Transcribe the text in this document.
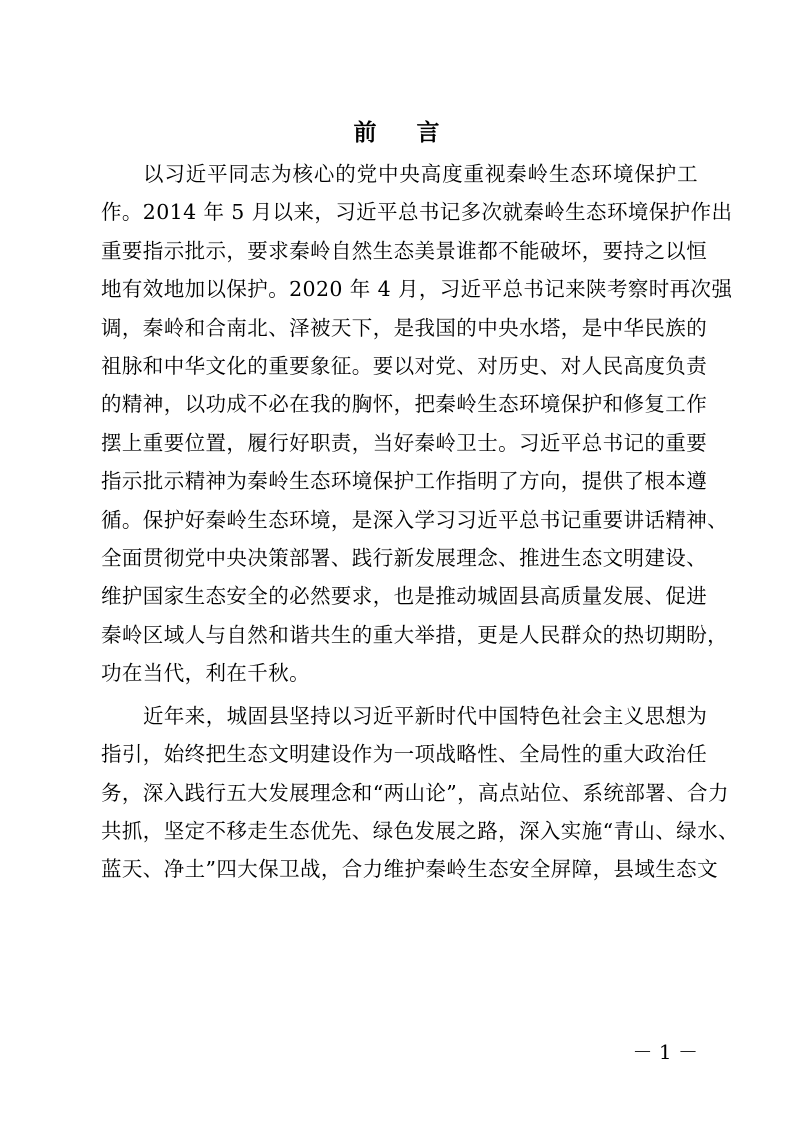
前 言

以习近平同志为核心的党中央高度重视秦岭生态环境保护工
作。2014 年 5 月以来，习近平总书记多次就秦岭生态环境保护作出
重要指示批示，要求秦岭自然生态美景谁都不能破坏，要持之以恒
地有效地加以保护。2020 年 4 月，习近平总书记来陕考察时再次强
调，秦岭和合南北、泽被天下，是我国的中央水塔，是中华民族的
祖脉和中华文化的重要象征。要以对党、对历史、对人民高度负责
的精神，以功成不必在我的胸怀，把秦岭生态环境保护和修复工作
摆上重要位置，履行好职责，当好秦岭卫士。习近平总书记的重要
指示批示精神为秦岭生态环境保护工作指明了方向，提供了根本遵
循。保护好秦岭生态环境，是深入学习习近平总书记重要讲话精神、
全面贯彻党中央决策部署、践行新发展理念、推进生态文明建设、
维护国家生态安全的必然要求，也是推动城固县高质量发展、促进
秦岭区域人与自然和谐共生的重大举措，更是人民群众的热切期盼，
功在当代，利在千秋。

近年来，城固县坚持以习近平新时代中国特色社会主义思想为
指引，始终把生态文明建设作为一项战略性、全局性的重大政治任
务，深入践行五大发展理念和“两山论”，高点站位、系统部署、合力
共抓，坚定不移走生态优先、绿色发展之路，深入实施“青山、绿水、
蓝天、净土”四大保卫战，合力维护秦岭生态安全屏障，县域生态文

－ 1 －
